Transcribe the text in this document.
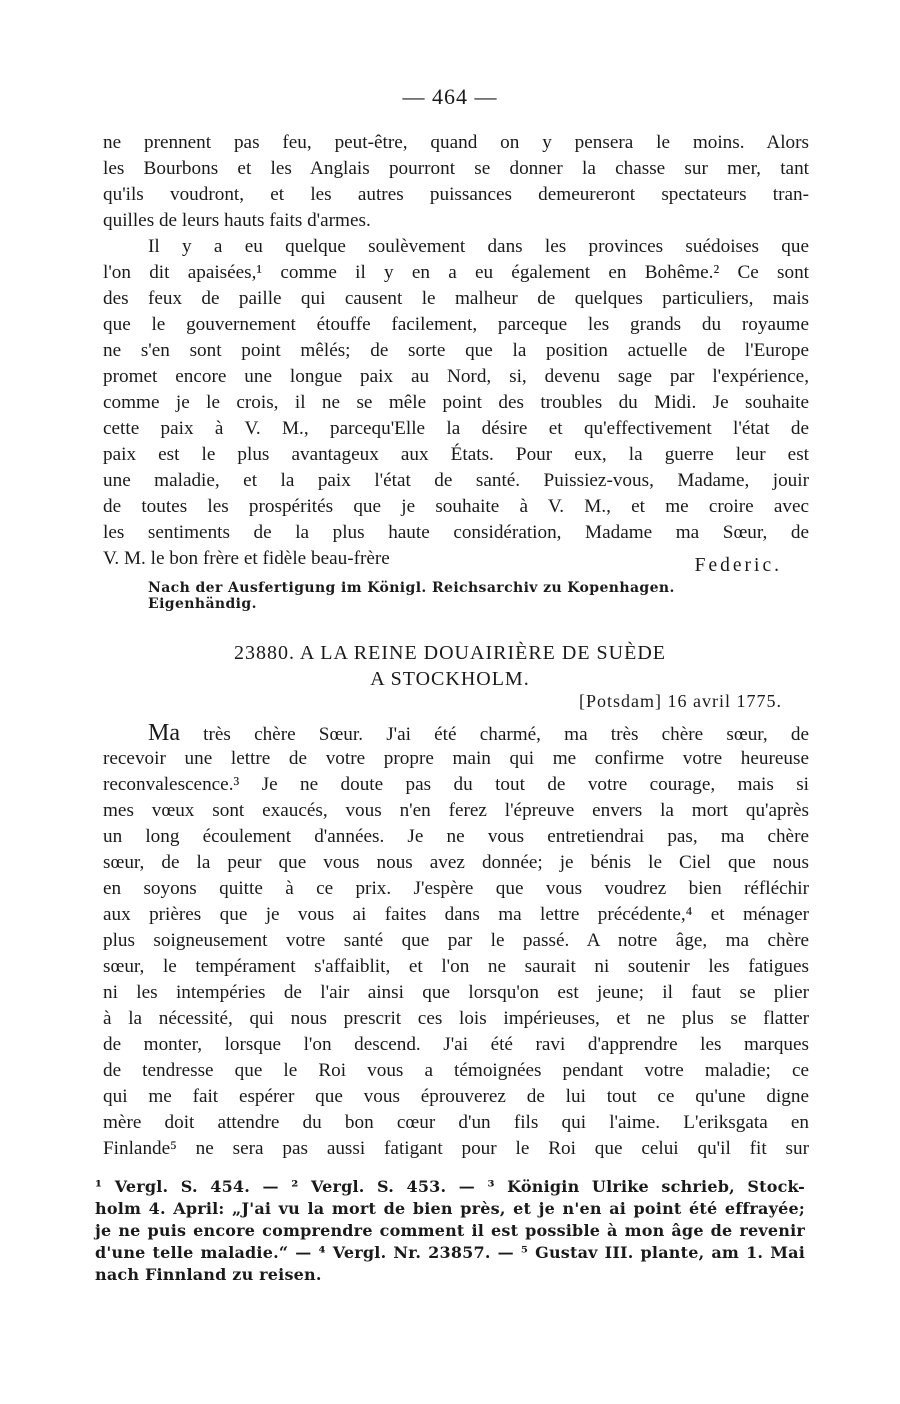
— 464 —
ne prennent pas feu, peut-être, quand on y pensera le moins. Alors
les Bourbons et les Anglais pourront se donner la chasse sur mer, tant
qu'ils voudront, et les autres puissances demeureront spectateurs tran-
quilles de leurs hauts faits d'armes.
Il y a eu quelque soulèvement dans les provinces suédoises que
l'on dit apaisées,¹ comme il y en a eu également en Bohême.² Ce sont
des feux de paille qui causent le malheur de quelques particuliers, mais
que le gouvernement étouffe facilement, parceque les grands du royaume
ne s'en sont point mêlés; de sorte que la position actuelle de l'Europe
promet encore une longue paix au Nord, si, devenu sage par l'expérience,
comme je le crois, il ne se mêle point des troubles du Midi. Je souhaite
cette paix à V. M., parcequ'Elle la désire et qu'effectivement l'état de
paix est le plus avantageux aux États. Pour eux, la guerre leur est
une maladie, et la paix l'état de santé. Puissiez-vous, Madame, jouir
de toutes les prospérités que je souhaite à V. M., et me croire avec
les sentiments de la plus haute considération, Madame ma Sœur, de
V. M. le bon frère et fidèle beau-frère	Federic.
Nach der Ausfertigung im Königl. Reichsarchiv zu Kopenhagen. Eigenhändig.
23880. A LA REINE DOUAIRIÈRE DE SUÈDE
A STOCKHOLM.
[Potsdam] 16 avril 1775.
Ma très chère Sœur. J'ai été charmé, ma très chère sœur, de
recevoir une lettre de votre propre main qui me confirme votre heureuse
reconvalescence.³ Je ne doute pas du tout de votre courage, mais si
mes vœux sont exaucés, vous n'en ferez l'épreuve envers la mort qu'après
un long écoulement d'années. Je ne vous entretiendrai pas, ma chère
sœur, de la peur que vous nous avez donnée; je bénis le Ciel que nous
en soyons quitte à ce prix. J'espère que vous voudrez bien réfléchir
aux prières que je vous ai faites dans ma lettre précédente,⁴ et ménager
plus soigneusement votre santé que par le passé. A notre âge, ma chère
sœur, le tempérament s'affaiblit, et l'on ne saurait ni soutenir les fatigues
ni les intempéries de l'air ainsi que lorsqu'on est jeune; il faut se plier
à la nécessité, qui nous prescrit ces lois impérieuses, et ne plus se flatter
de monter, lorsque l'on descend. J'ai été ravi d'apprendre les marques
de tendresse que le Roi vous a témoignées pendant votre maladie; ce
qui me fait espérer que vous éprouverez de lui tout ce qu'une digne
mère doit attendre du bon cœur d'un fils qui l'aime. L'eriksgata en
Finlande⁵ ne sera pas aussi fatigant pour le Roi que celui qu'il fit sur
¹ Vergl. S. 454. — ² Vergl. S. 453. — ³ Königin Ulrike schrieb, Stock-
holm 4. April: „J'ai vu la mort de bien près, et je n'en ai point été effrayée;
je ne puis encore comprendre comment il est possible à mon âge de revenir
d'une telle maladie.“ — ⁴ Vergl. Nr. 23857. — ⁵ Gustav III. plante, am 1. Mai
nach Finnland zu reisen.
